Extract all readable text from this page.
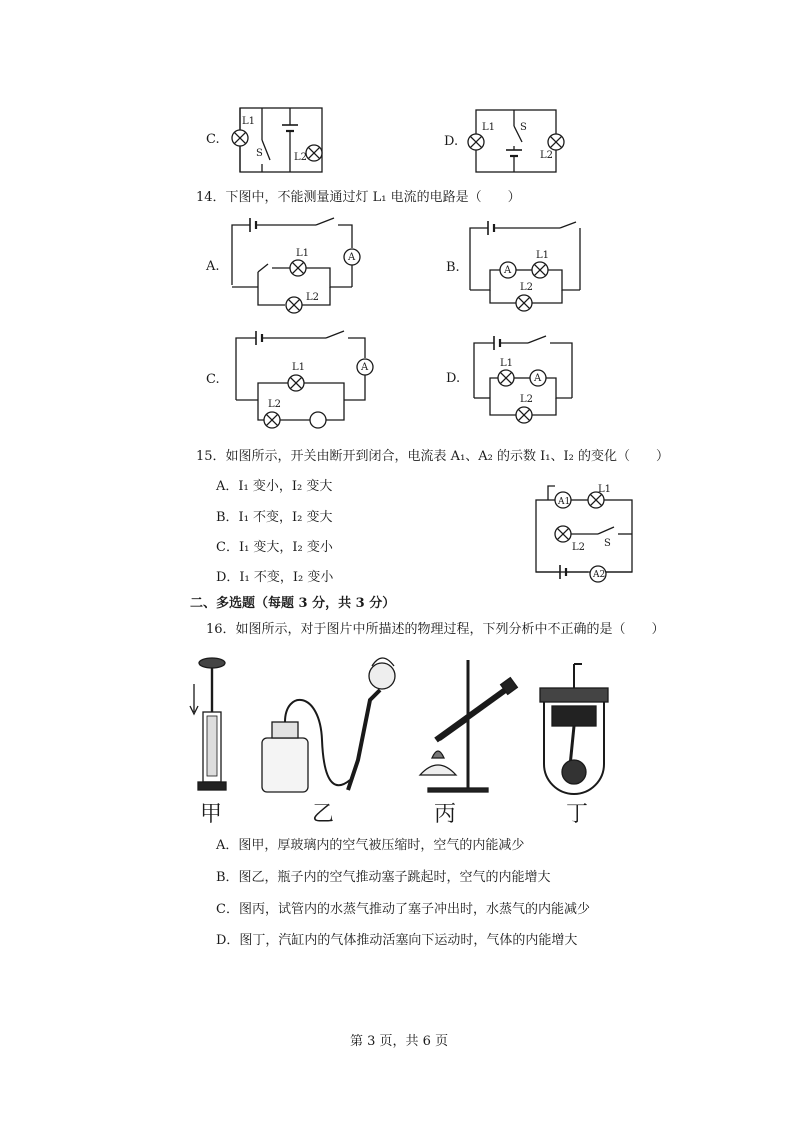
C.
L1
S	L2
D.
L1 S
L2
14．下图中，不能测量通过灯 L₁ 电流的电路是（　　）
A.
L1
L2
A
B.
L1
L2
A
C.
L1
L2
A
D.
L1
L2
A
15．如图所示，开关由断开到闭合，电流表 A₁、A₂ 的示数 I₁、I₂ 的变化（　　）
A．I₁ 变小，I₂ 变大
B．I₁ 不变，I₂ 变大
C．I₁ 变大，I₂ 变小
D．I₁ 不变，I₂ 变小
A1
A2
L1
L2 S
二、多选题（每题 3 分，共 3 分）
16．如图所示，对于图片中所描述的物理过程，下列分析中不正确的是（　　）
甲	乙	丙	丁
A．图甲，厚玻璃内的空气被压缩时，空气的内能减少
B．图乙，瓶子内的空气推动塞子跳起时，空气的内能增大
C．图丙，试管内的水蒸气推动了塞子冲出时，水蒸气的内能减少
D．图丁，汽缸内的气体推动活塞向下运动时，气体的内能增大
第 3 页，共 6 页
